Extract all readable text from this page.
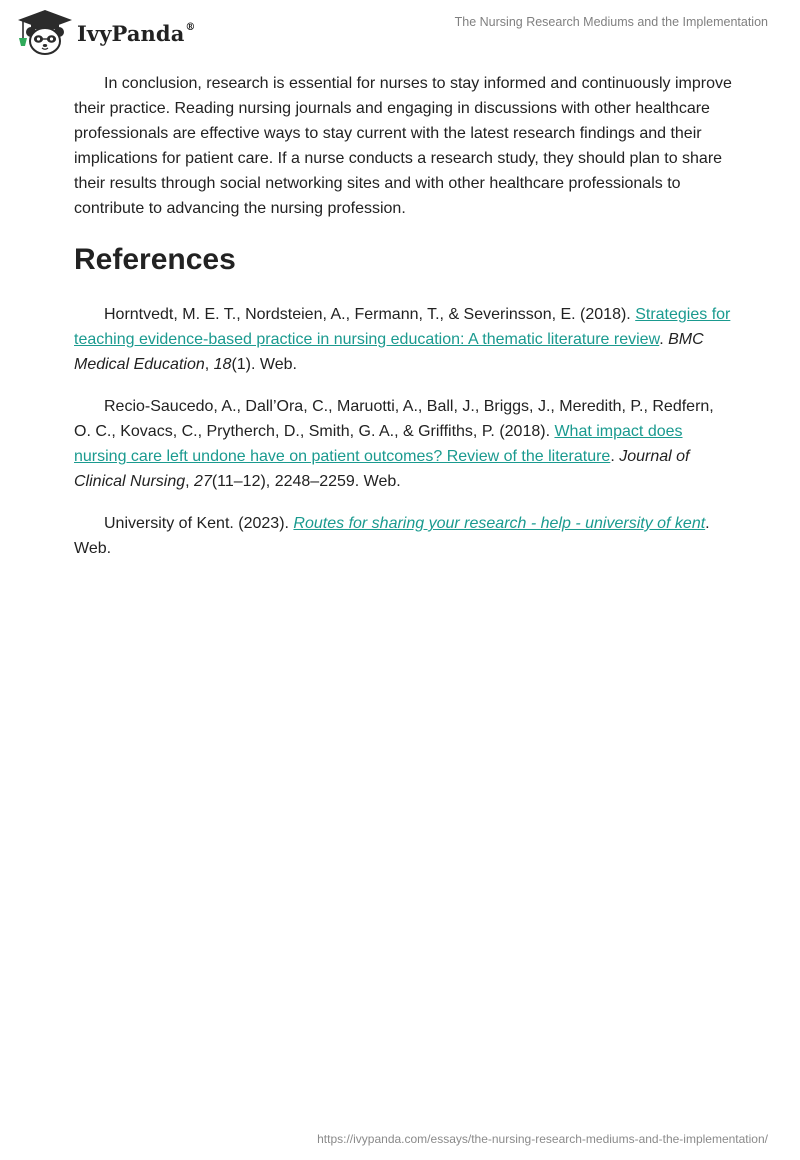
IvyPanda®	The Nursing Research Mediums and the Implementation

In conclusion, research is essential for nurses to stay informed and continuously improve their practice. Reading nursing journals and engaging in discussions with other healthcare professionals are effective ways to stay current with the latest research findings and their implications for patient care. If a nurse conducts a research study, they should plan to share their results through social networking sites and with other healthcare professionals to contribute to advancing the nursing profession.

References

Horntvedt, M. E. T., Nordsteien, A., Fermann, T., & Severinsson, E. (2018). Strategies for teaching evidence-based practice in nursing education: A thematic literature review. BMC Medical Education, 18(1). Web.

Recio-Saucedo, A., Dall’Ora, C., Maruotti, A., Ball, J., Briggs, J., Meredith, P., Redfern, O. C., Kovacs, C., Prytherch, D., Smith, G. A., & Griffiths, P. (2018). What impact does nursing care left undone have on patient outcomes? Review of the literature. Journal of Clinical Nursing, 27(11–12), 2248–2259. Web.

University of Kent. (2023). Routes for sharing your research - help - university of kent. Web.

https://ivypanda.com/essays/the-nursing-research-mediums-and-the-implementation/
